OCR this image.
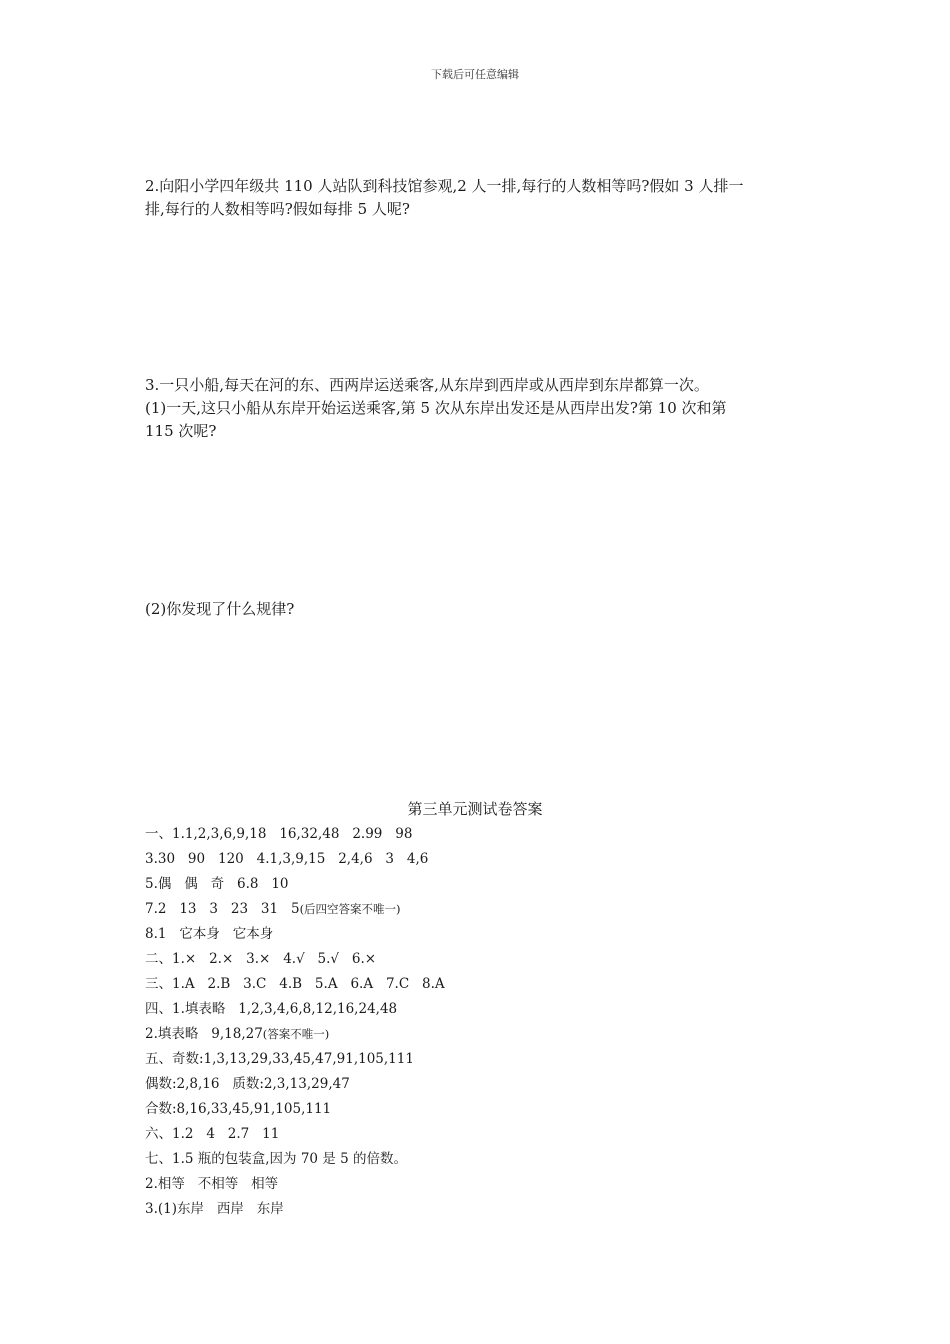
下载后可任意编辑
2.向阳小学四年级共 110 人站队到科技馆参观,2 人一排,每行的人数相等吗?假如 3 人排一
排,每行的人数相等吗?假如每排 5 人呢?
3.一只小船,每天在河的东、西两岸运送乘客,从东岸到西岸或从西岸到东岸都算一次。
(1)一天,这只小船从东岸开始运送乘客,第 5 次从东岸出发还是从西岸出发?第 10 次和第
115 次呢?
(2)你发现了什么规律?
第三单元测试卷答案
一、1.1,2,3,6,9,18   16,32,48   2.99   98
3.30   90   120   4.1,3,9,15   2,4,6   3   4,6
5.偶   偶   奇   6.8   10
7.2   13   3   23   31   5(后四空答案不唯一)
8.1   它本身   它本身
二、1.×   2.×   3.×   4.√   5.√   6.×
三、1.A   2.B   3.C   4.B   5.A   6.A   7.C   8.A
四、1.填表略   1,2,3,4,6,8,12,16,24,48
2.填表略   9,18,27(答案不唯一)
五、奇数:1,3,13,29,33,45,47,91,105,111
偶数:2,8,16   质数:2,3,13,29,47
合数:8,16,33,45,91,105,111
六、1.2   4   2.7   11
七、1.5 瓶的包装盒,因为 70 是 5 的倍数。
2.相等   不相等   相等
3.(1)东岸   西岸   东岸
